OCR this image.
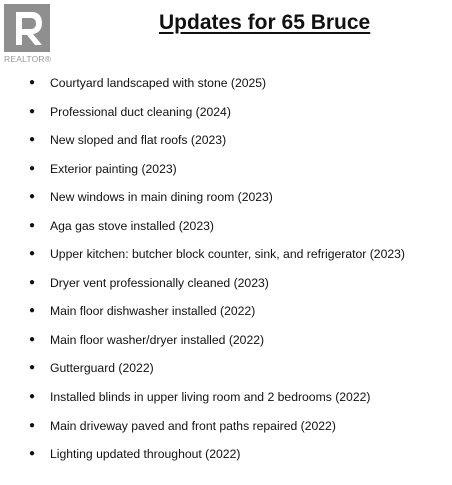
REALTOR®
Updates for 65 Bruce
● Courtyard landscaped with stone (2025)
● Professional duct cleaning (2024)
● New sloped and flat roofs (2023)
● Exterior painting (2023)
● New windows in main dining room (2023)
● Aga gas stove installed (2023)
● Upper kitchen: butcher block counter, sink, and refrigerator (2023)
● Dryer vent professionally cleaned (2023)
● Main floor dishwasher installed (2022)
● Main floor washer/dryer installed (2022)
● Gutterguard (2022)
● Installed blinds in upper living room and 2 bedrooms (2022)
● Main driveway paved and front paths repaired (2022)
● Lighting updated throughout (2022)
